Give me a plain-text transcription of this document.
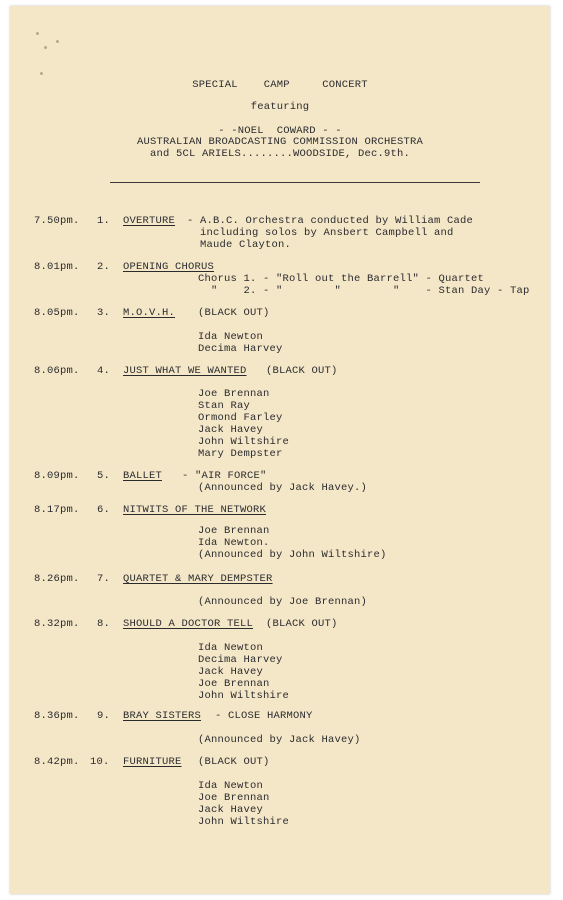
SPECIAL    CAMP     CONCERT
featuring
- -NOEL  COWARD - -
AUSTRALIAN BROADCASTING COMMISSION ORCHESTRA
and 5CL ARIELS........WOODSIDE, Dec.9th.
7.50pm. 1. OVERTURE - A.B.C. Orchestra conducted by William Cade
including solos by Ansbert Campbell and
Maude Clayton.
8.01pm. 2. OPENING CHORUS
Chorus 1. - "Roll out the Barrell" - Quartet
"    2. - "        "        "    - Stan Day - Tap
8.05pm. 3. M.O.V.H. (BLACK OUT)
Ida Newton
Decima Harvey
8.06pm. 4. JUST WHAT WE WANTED (BLACK OUT)
Joe Brennan
Stan Ray
Ormond Farley
Jack Havey
John Wiltshire
Mary Dempster
8.09pm. 5. BALLET - "AIR FORCE"
(Announced by Jack Havey.)
8.17pm. 6. NITWITS OF THE NETWORK
Joe Brennan
Ida Newton.
(Announced by John Wiltshire)
8.26pm. 7. QUARTET & MARY DEMPSTER
(Announced by Joe Brennan)
8.32pm. 8. SHOULD A DOCTOR TELL (BLACK OUT)
Ida Newton
Decima Harvey
Jack Havey
Joe Brennan
John Wiltshire
8.36pm. 9. BRAY SISTERS - CLOSE HARMONY
(Announced by Jack Havey)
8.42pm. 10. FURNITURE (BLACK OUT)
Ida Newton
Joe Brennan
Jack Havey
John Wiltshire
